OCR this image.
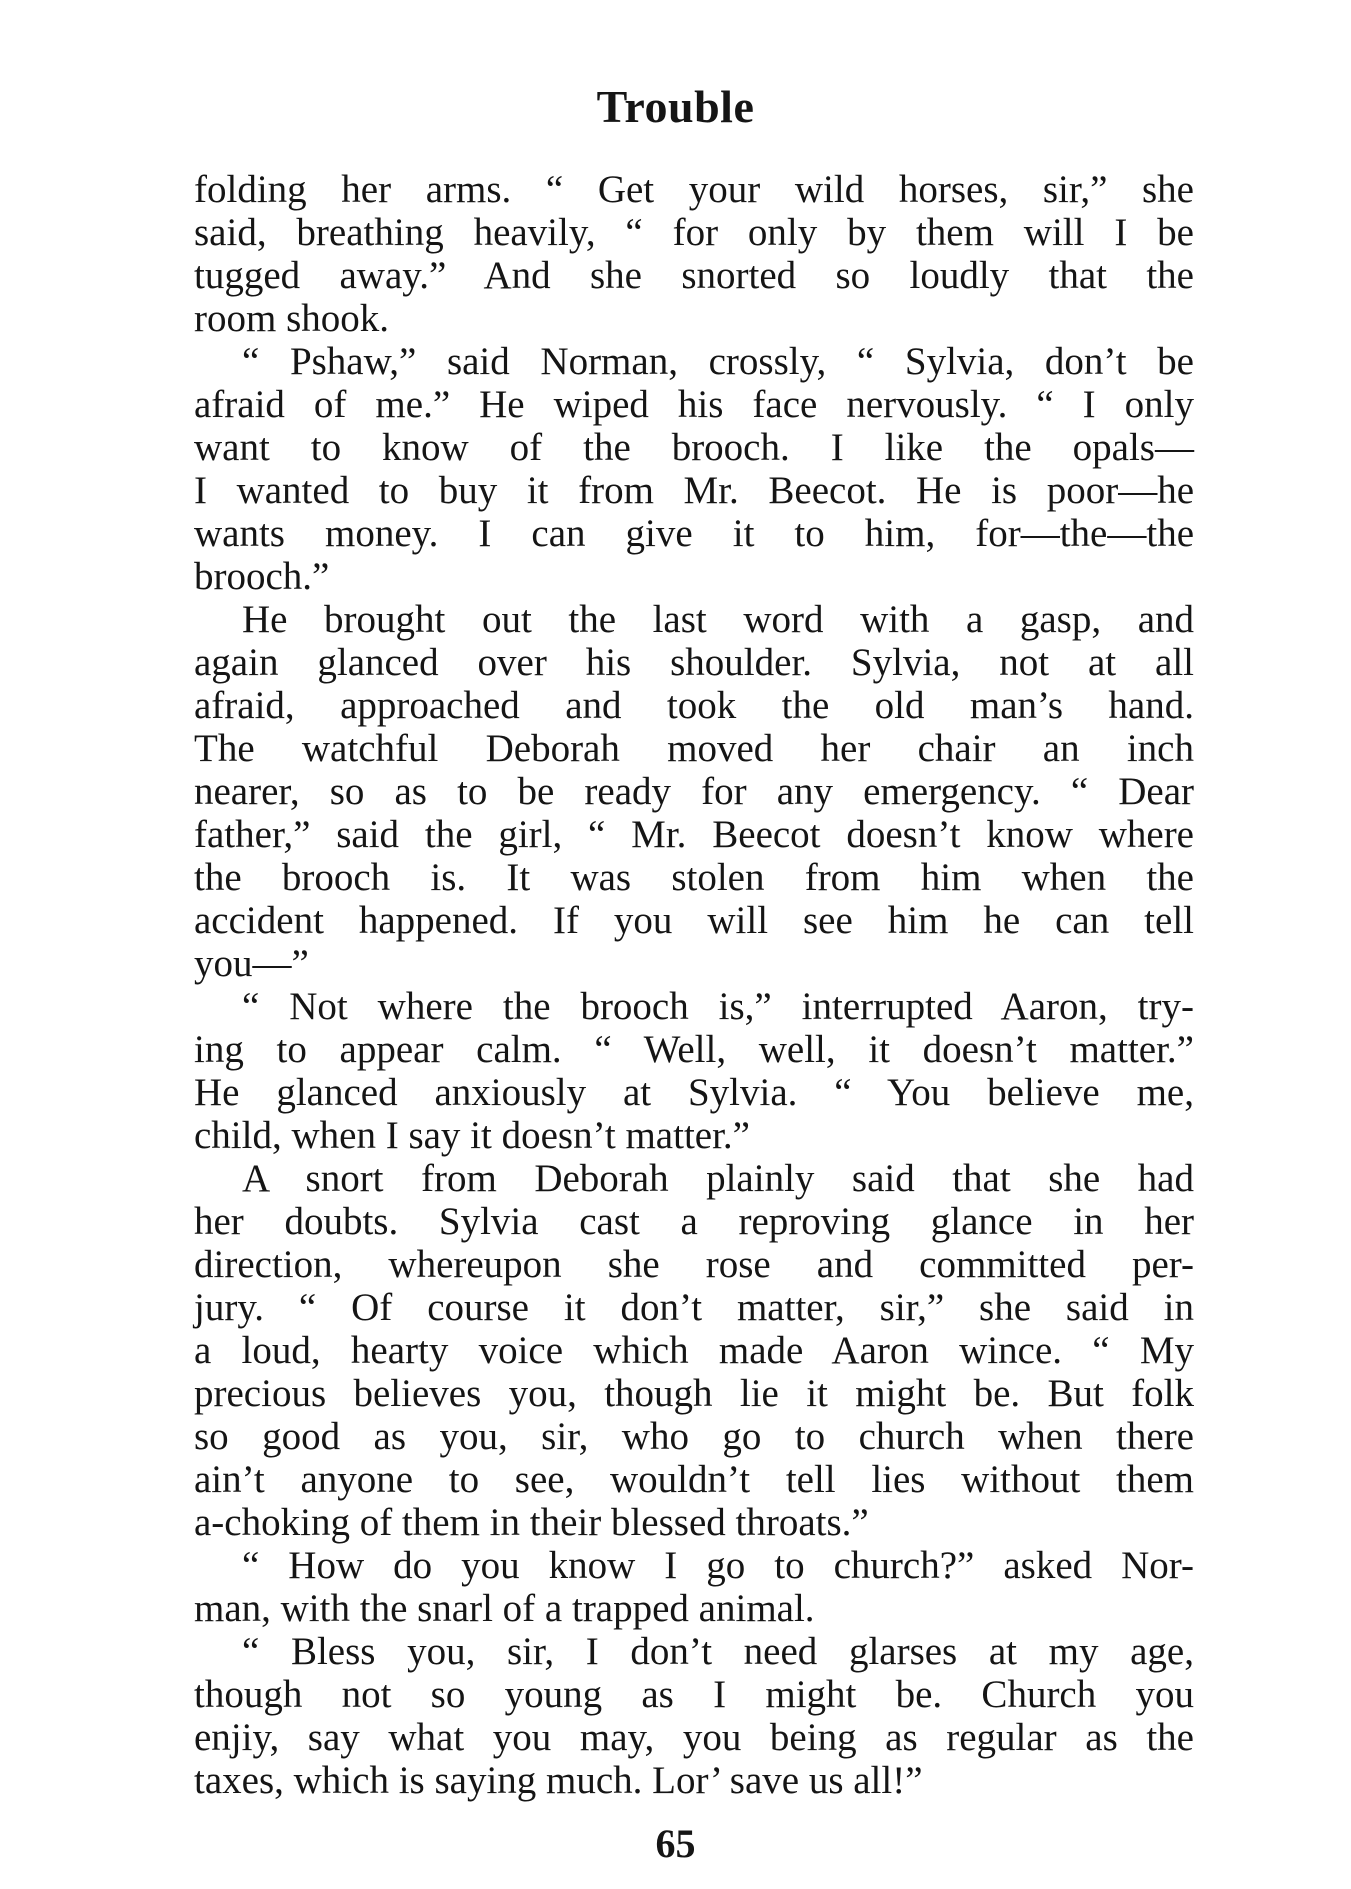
Trouble
folding her arms. “ Get your wild horses, sir,” she
said, breathing heavily, “ for only by them will I be
tugged away.” And she snorted so loudly that the
room shook.
“ Pshaw,” said Norman, crossly, “ Sylvia, don’t be
afraid of me.” He wiped his face nervously. “ I only
want to know of the brooch. I like the opals—
I wanted to buy it from Mr. Beecot. He is poor—he
wants money. I can give it to him, for—the—the
brooch.”
He brought out the last word with a gasp, and
again glanced over his shoulder. Sylvia, not at all
afraid, approached and took the old man’s hand.
The watchful Deborah moved her chair an inch
nearer, so as to be ready for any emergency. “ Dear
father,” said the girl, “ Mr. Beecot doesn’t know where
the brooch is. It was stolen from him when the
accident happened. If you will see him he can tell
you—”
“ Not where the brooch is,” interrupted Aaron, try-
ing to appear calm. “ Well, well, it doesn’t matter.”
He glanced anxiously at Sylvia. “ You believe me,
child, when I say it doesn’t matter.”
A snort from Deborah plainly said that she had
her doubts. Sylvia cast a reproving glance in her
direction, whereupon she rose and committed per-
jury. “ Of course it don’t matter, sir,” she said in
a loud, hearty voice which made Aaron wince. “ My
precious believes you, though lie it might be. But folk
so good as you, sir, who go to church when there
ain’t anyone to see, wouldn’t tell lies without them
a-choking of them in their blessed throats.”
“ How do you know I go to church?” asked Nor-
man, with the snarl of a trapped animal.
“ Bless you, sir, I don’t need glarses at my age,
though not so young as I might be. Church you
enjiy, say what you may, you being as regular as the
taxes, which is saying much. Lor’ save us all!”
65
